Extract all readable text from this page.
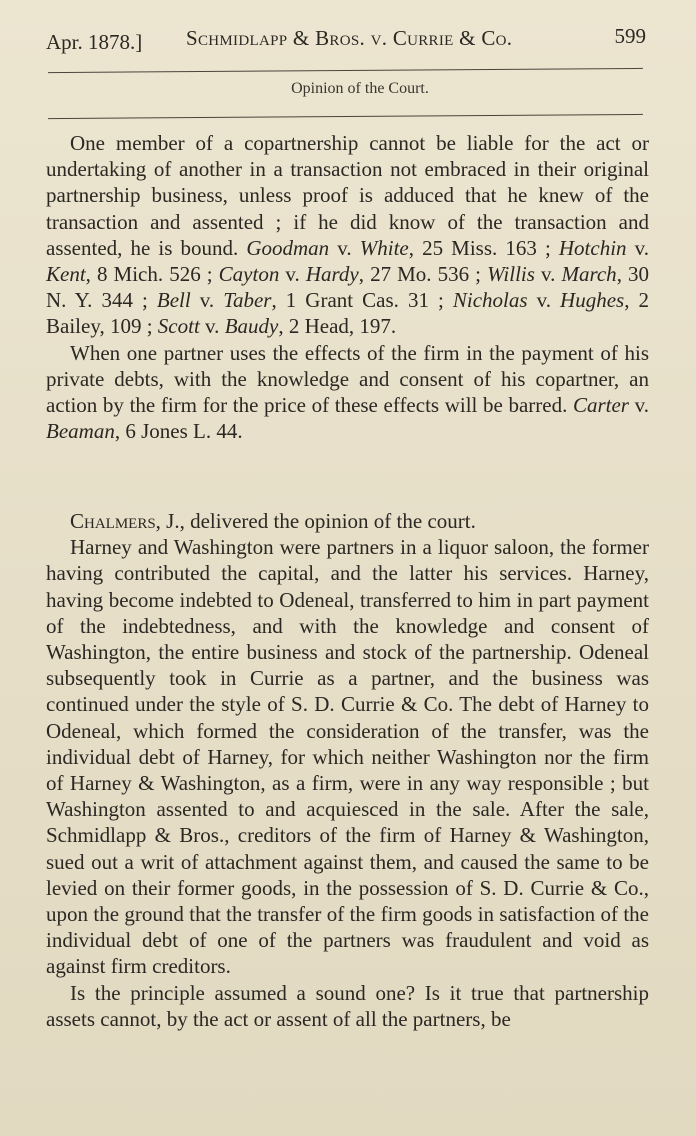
Apr. 1878.] Schmidlapp & Bros. v. Currie & Co.	599
Opinion of the Court.

One member of a copartnership cannot be liable for the act or undertaking of another in a transaction not embraced in their original partnership business, unless proof is adduced that he knew of the transaction and assented ; if he did know of the transaction and assented, he is bound. Goodman v. White, 25 Miss. 163 ; Hotchin v. Kent, 8 Mich. 526 ; Cayton v. Hardy, 27 Mo. 536 ; Willis v. March, 30 N. Y. 344 ; Bell v. Taber, 1 Grant Cas. 31 ; Nicholas v. Hughes, 2 Bailey, 109 ; Scott v. Baudy, 2 Head, 197.

When one partner uses the effects of the firm in the payment of his private debts, with the knowledge and consent of his copartner, an action by the firm for the price of these effects will be barred. Carter v. Beaman, 6 Jones L. 44.

Chalmers, J., delivered the opinion of the court.

Harney and Washington were partners in a liquor saloon, the former having contributed the capital, and the latter his services. Harney, having become indebted to Odeneal, transferred to him in part payment of the indebtedness, and with the knowledge and consent of Washington, the entire business and stock of the partnership. Odeneal subsequently took in Currie as a partner, and the business was continued under the style of S. D. Currie & Co. The debt of Harney to Odeneal, which formed the consideration of the transfer, was the individual debt of Harney, for which neither Washington nor the firm of Harney & Washington, as a firm, were in any way responsible ; but Washington assented to and acquiesced in the sale. After the sale, Schmidlapp & Bros., creditors of the firm of Harney & Washington, sued out a writ of attachment against them, and caused the same to be levied on their former goods, in the possession of S. D. Currie & Co., upon the ground that the transfer of the firm goods in satisfaction of the individual debt of one of the partners was fraudulent and void as against firm creditors.

Is the principle assumed a sound one? Is it true that partnership assets cannot, by the act or assent of all the partners, be
